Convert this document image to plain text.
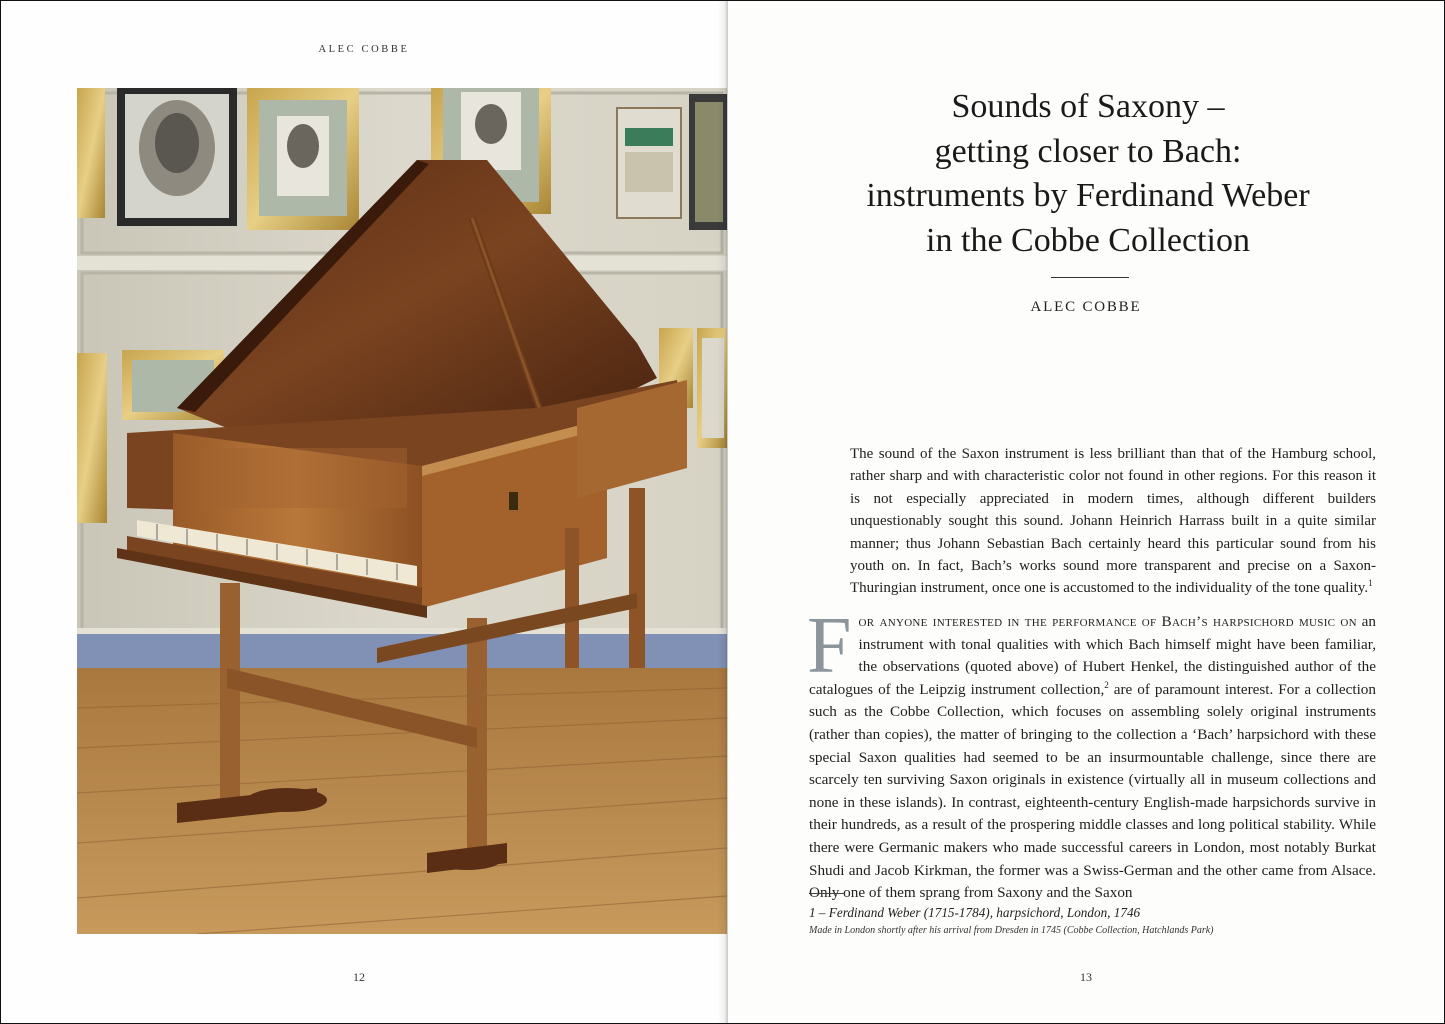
ALEC COBBE
12
Sounds of Saxony –
getting closer to Bach:
instruments by Ferdinand Weber
in the Cobbe Collection
ALEC COBBE
The sound of the Saxon instrument is less brilliant than that of the Hamburg school, rather sharp and with characteristic color not found in other regions. For this reason it is not especially appreciated in modern times, although different builders unquestionably sought this sound. Johann Heinrich Harrass built in a quite similar manner; thus Johann Sebastian Bach certainly heard this particular sound from his youth on. In fact, Bach’s works sound more transparent and precise on a Saxon-Thuringian instrument, once one is accustomed to the individuality of the tone quality.$^1$
For anyone interested in the performance of Bach’s harpsichord music on an instrument with tonal qualities with which Bach himself might have been familiar, the observations (quoted above) of Hubert Henkel, the distinguished author of the catalogues of the Leipzig instrument collection,$^2$ are of paramount interest. For a collection such as the Cobbe Collection, which focuses on assembling solely original instruments (rather than copies), the matter of bringing to the collection a ‘Bach’ harpsichord with these special Saxon qualities had seemed to be an insurmountable challenge, since there are scarcely ten surviving Saxon originals in existence (virtually all in museum collections and none in these islands). In contrast, eighteenth-century English-made harpsichords survive in their hundreds, as a result of the prospering middle classes and long political stability. While there were Germanic makers who made successful careers in London, most notably Burkat Shudi and Jacob Kirkman, the former was a Swiss-German and the other came from Alsace. Only one of them sprang from Saxony and the Saxon
1 – Ferdinand Weber (1715-1784), harpsichord, London, 1746
Made in London shortly after his arrival from Dresden in 1745 (Cobbe Collection, Hatchlands Park)
13
